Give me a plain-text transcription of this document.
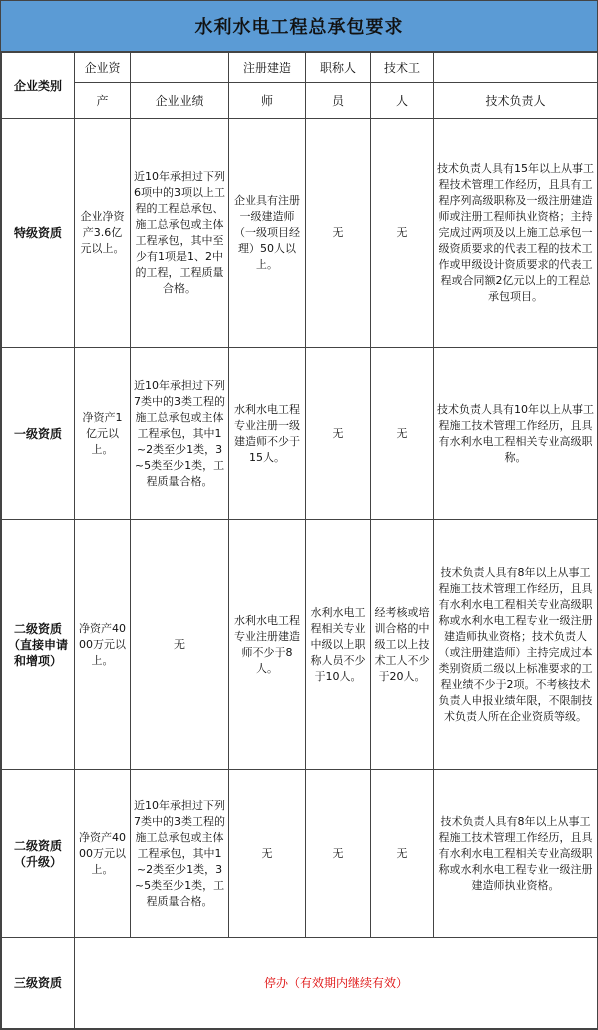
水利水电工程总承包要求
企业类别	企业资		注册建造	职称人	技术工	
	产	企业业绩	师	员	人	技术负责人
特级资质	企业净资产3.6亿元以上。	近10年承担过下列6项中的3项以上工程的工程总承包、施工总承包或主体工程承包，其中至少有1项是1、2中的工程，工程质量合格。	企业具有注册一级建造师（一级项目经理）50人以上。	无	无	技术负责人具有15年以上从事工程技术管理工作经历，且具有工程序列高级职称及一级注册建造师或注册工程师执业资格；主持完成过两项及以上施工总承包一级资质要求的代表工程的技术工作或甲级设计资质要求的代表工程或合同额2亿元以上的工程总承包项目。
一级资质	净资产1亿元以上。	近10年承担过下列7类中的3类工程的施工总承包或主体工程承包，其中1~2类至少1类，3~5类至少1类，工程质量合格。	水利水电工程专业注册一级建造师不少于15人。	无	无	技术负责人具有10年以上从事工程施工技术管理工作经历，且具有水利水电工程相关专业高级职称。
二级资质（直接申请和增项）	净资产4000万元以上。	无	水利水电工程专业注册建造师不少于8人。	水利水电工程相关专业中级以上职称人员不少于10人。	经考核或培训合格的中级工以上技术工人不少于20人。	技术负责人具有8年以上从事工程施工技术管理工作经历，且具有水利水电工程相关专业高级职称或水利水电工程专业一级注册建造师执业资格；技术负责人（或注册建造师）主持完成过本类别资质二级以上标准要求的工程业绩不少于2项。不考核技术负责人申报业绩年限，不限制技术负责人所在企业资质等级。
二级资质（升级）	净资产4000万元以上。	近10年承担过下列7类中的3类工程的施工总承包或主体工程承包，其中1~2类至少1类，3~5类至少1类，工程质量合格。	无	无	无	技术负责人具有8年以上从事工程施工技术管理工作经历，且具有水利水电工程相关专业高级职称或水利水电工程专业一级注册建造师执业资格。
三级资质	停办（有效期内继续有效）					
